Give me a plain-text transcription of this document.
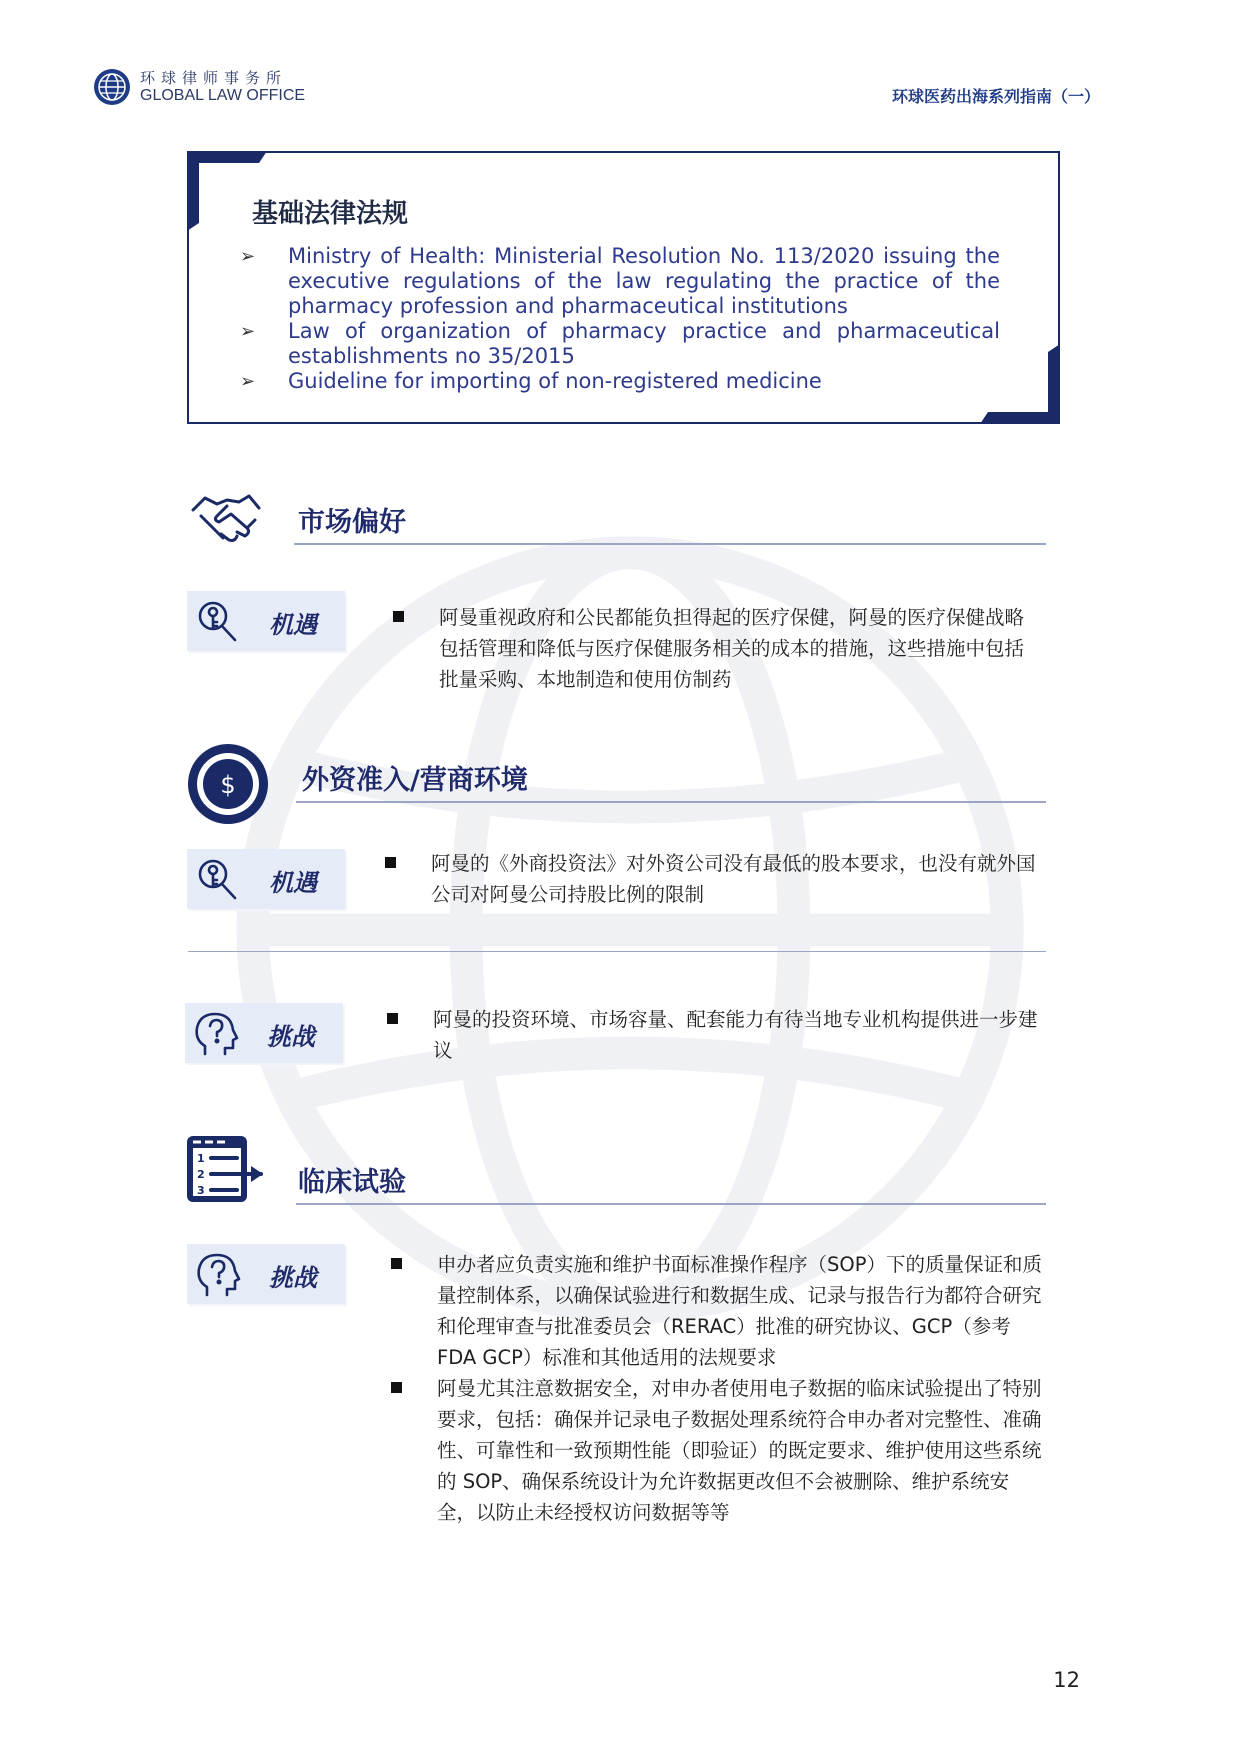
环球律师事务所
GLOBAL LAW OFFICE	环球医药出海系列指南（一）
基础法律法规
➢ Ministry of Health: Ministerial Resolution No. 113/2020 issuing the executive regulations of the law regulating the practice of the pharmacy profession and pharmaceutical institutions
➢ Law of organization of pharmacy practice and pharmaceutical establishments no 35/2015
➢ Guideline for importing of non-registered medicine
市场偏好
机遇	阿曼重视政府和公民都能负担得起的医疗保健，阿曼的医疗保健战略包括管理和降低与医疗保健服务相关的成本的措施，这些措施中包括批量采购、本地制造和使用仿制药
$ 外资准入/营商环境
机遇
阿曼的《外商投资法》对外资公司没有最低的股本要求，也没有就外国公司对阿曼公司持股比例的限制
挑战
阿曼的投资环境、市场容量、配套能力有待当地专业机构提供进一步建议
1
2
3	临床试验
挑战	申办者应负责实施和维护书面标准操作程序（SOP）下的质量保证和质量控制体系，以确保试验进行和数据生成、记录与报告行为都符合研究和伦理审查与批准委员会（RERAC）批准的研究协议、GCP（参考 FDA GCP）标准和其他适用的法规要求
阿曼尤其注意数据安全，对申办者使用电子数据的临床试验提出了特别要求，包括：确保并记录电子数据处理系统符合申办者对完整性、准确性、可靠性和一致预期性能（即验证）的既定要求、维护使用这些系统的 SOP、确保系统设计为允许数据更改但不会被删除、维护系统安全，以防止未经授权访问数据等等
12
